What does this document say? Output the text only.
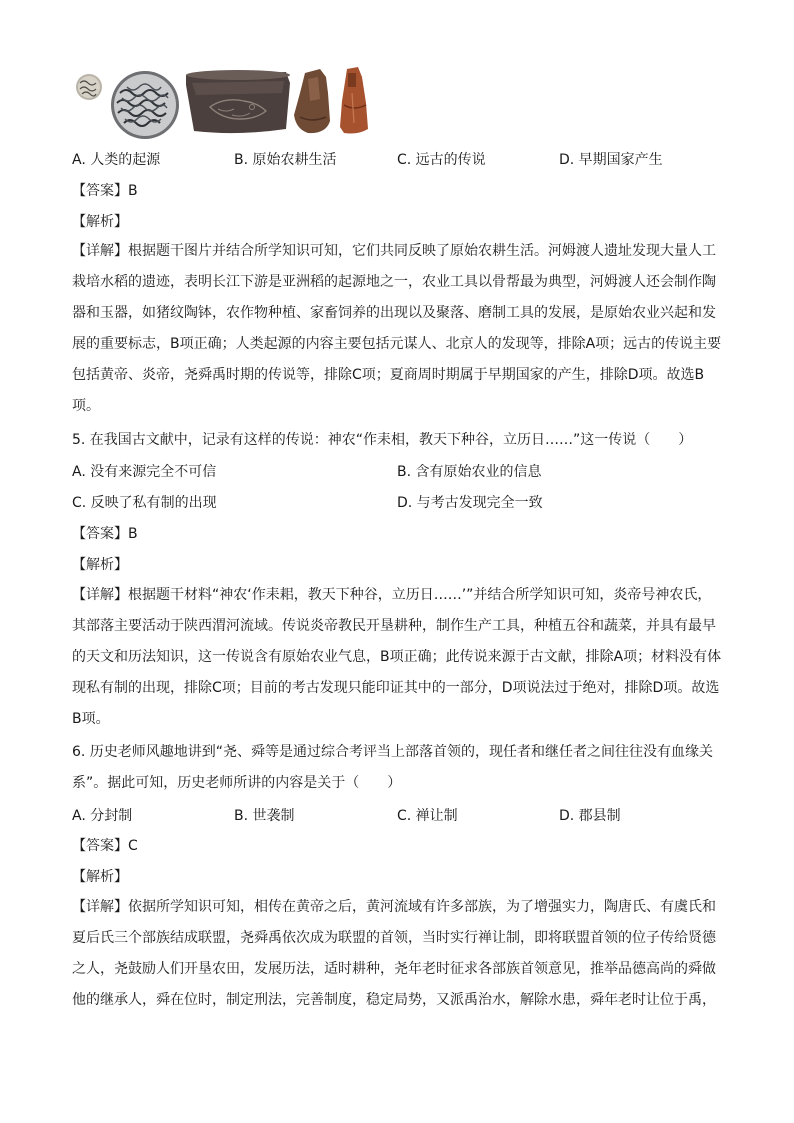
A. 人类的起源	B. 原始农耕生活	C. 远古的传说	D. 早期国家产生
【答案】B
【解析】
【详解】根据题干图片并结合所学知识可知，它们共同反映了原始农耕生活。河姆渡人遗址发现大量人工栽培水稻的遗迹，表明长江下游是亚洲稻的起源地之一，农业工具以骨帮最为典型，河姆渡人还会制作陶器和玉器，如猪纹陶钵，农作物种植、家畜饲养的出现以及聚落、磨制工具的发展，是原始农业兴起和发展的重要标志，B项正确；人类起源的内容主要包括元谋人、北京人的发现等，排除A项；远古的传说主要包括黄帝、炎帝，尧舜禹时期的传说等，排除C项；夏商周时期属于早期国家的产生，排除D项。故选B项。
5. 在我国古文献中，记录有这样的传说：神农“作耒相，教天下种谷，立历日……”这一传说（　　）
A. 没有来源完全不可信	B. 含有原始农业的信息
C. 反映了私有制的出现	D. 与考古发现完全一致
【答案】B
【解析】
【详解】根据题干材料“神农‘作耒耜，教天下种谷，立历日……’”并结合所学知识可知，炎帝号神农氏，其部落主要活动于陕西渭河流域。传说炎帝教民开垦耕种，制作生产工具，种植五谷和蔬菜，并具有最早的天文和历法知识，这一传说含有原始农业气息，B项正确；此传说来源于古文献，排除A项；材料没有体现私有制的出现，排除C项；目前的考古发现只能印证其中的一部分，D项说法过于绝对，排除D项。故选B项。
6. 历史老师风趣地讲到“尧、舜等是通过综合考评当上部落首领的，现任者和继任者之间往往没有血缘关系”。据此可知，历史老师所讲的内容是关于（　　）
A. 分封制	B. 世袭制	C. 禅让制	D. 郡县制
【答案】C
【解析】
【详解】依据所学知识可知，相传在黄帝之后，黄河流域有许多部族，为了增强实力，陶唐氏、有虞氏和夏后氏三个部族结成联盟，尧舜禹依次成为联盟的首领，当时实行禅让制，即将联盟首领的位子传给贤德之人，尧鼓励人们开垦农田，发展历法，适时耕种，尧年老时征求各部族首领意见，推举品德高尚的舜做他的继承人，舜在位时，制定刑法，完善制度，稳定局势，又派禹治水，解除水患，舜年老时让位于禹，
